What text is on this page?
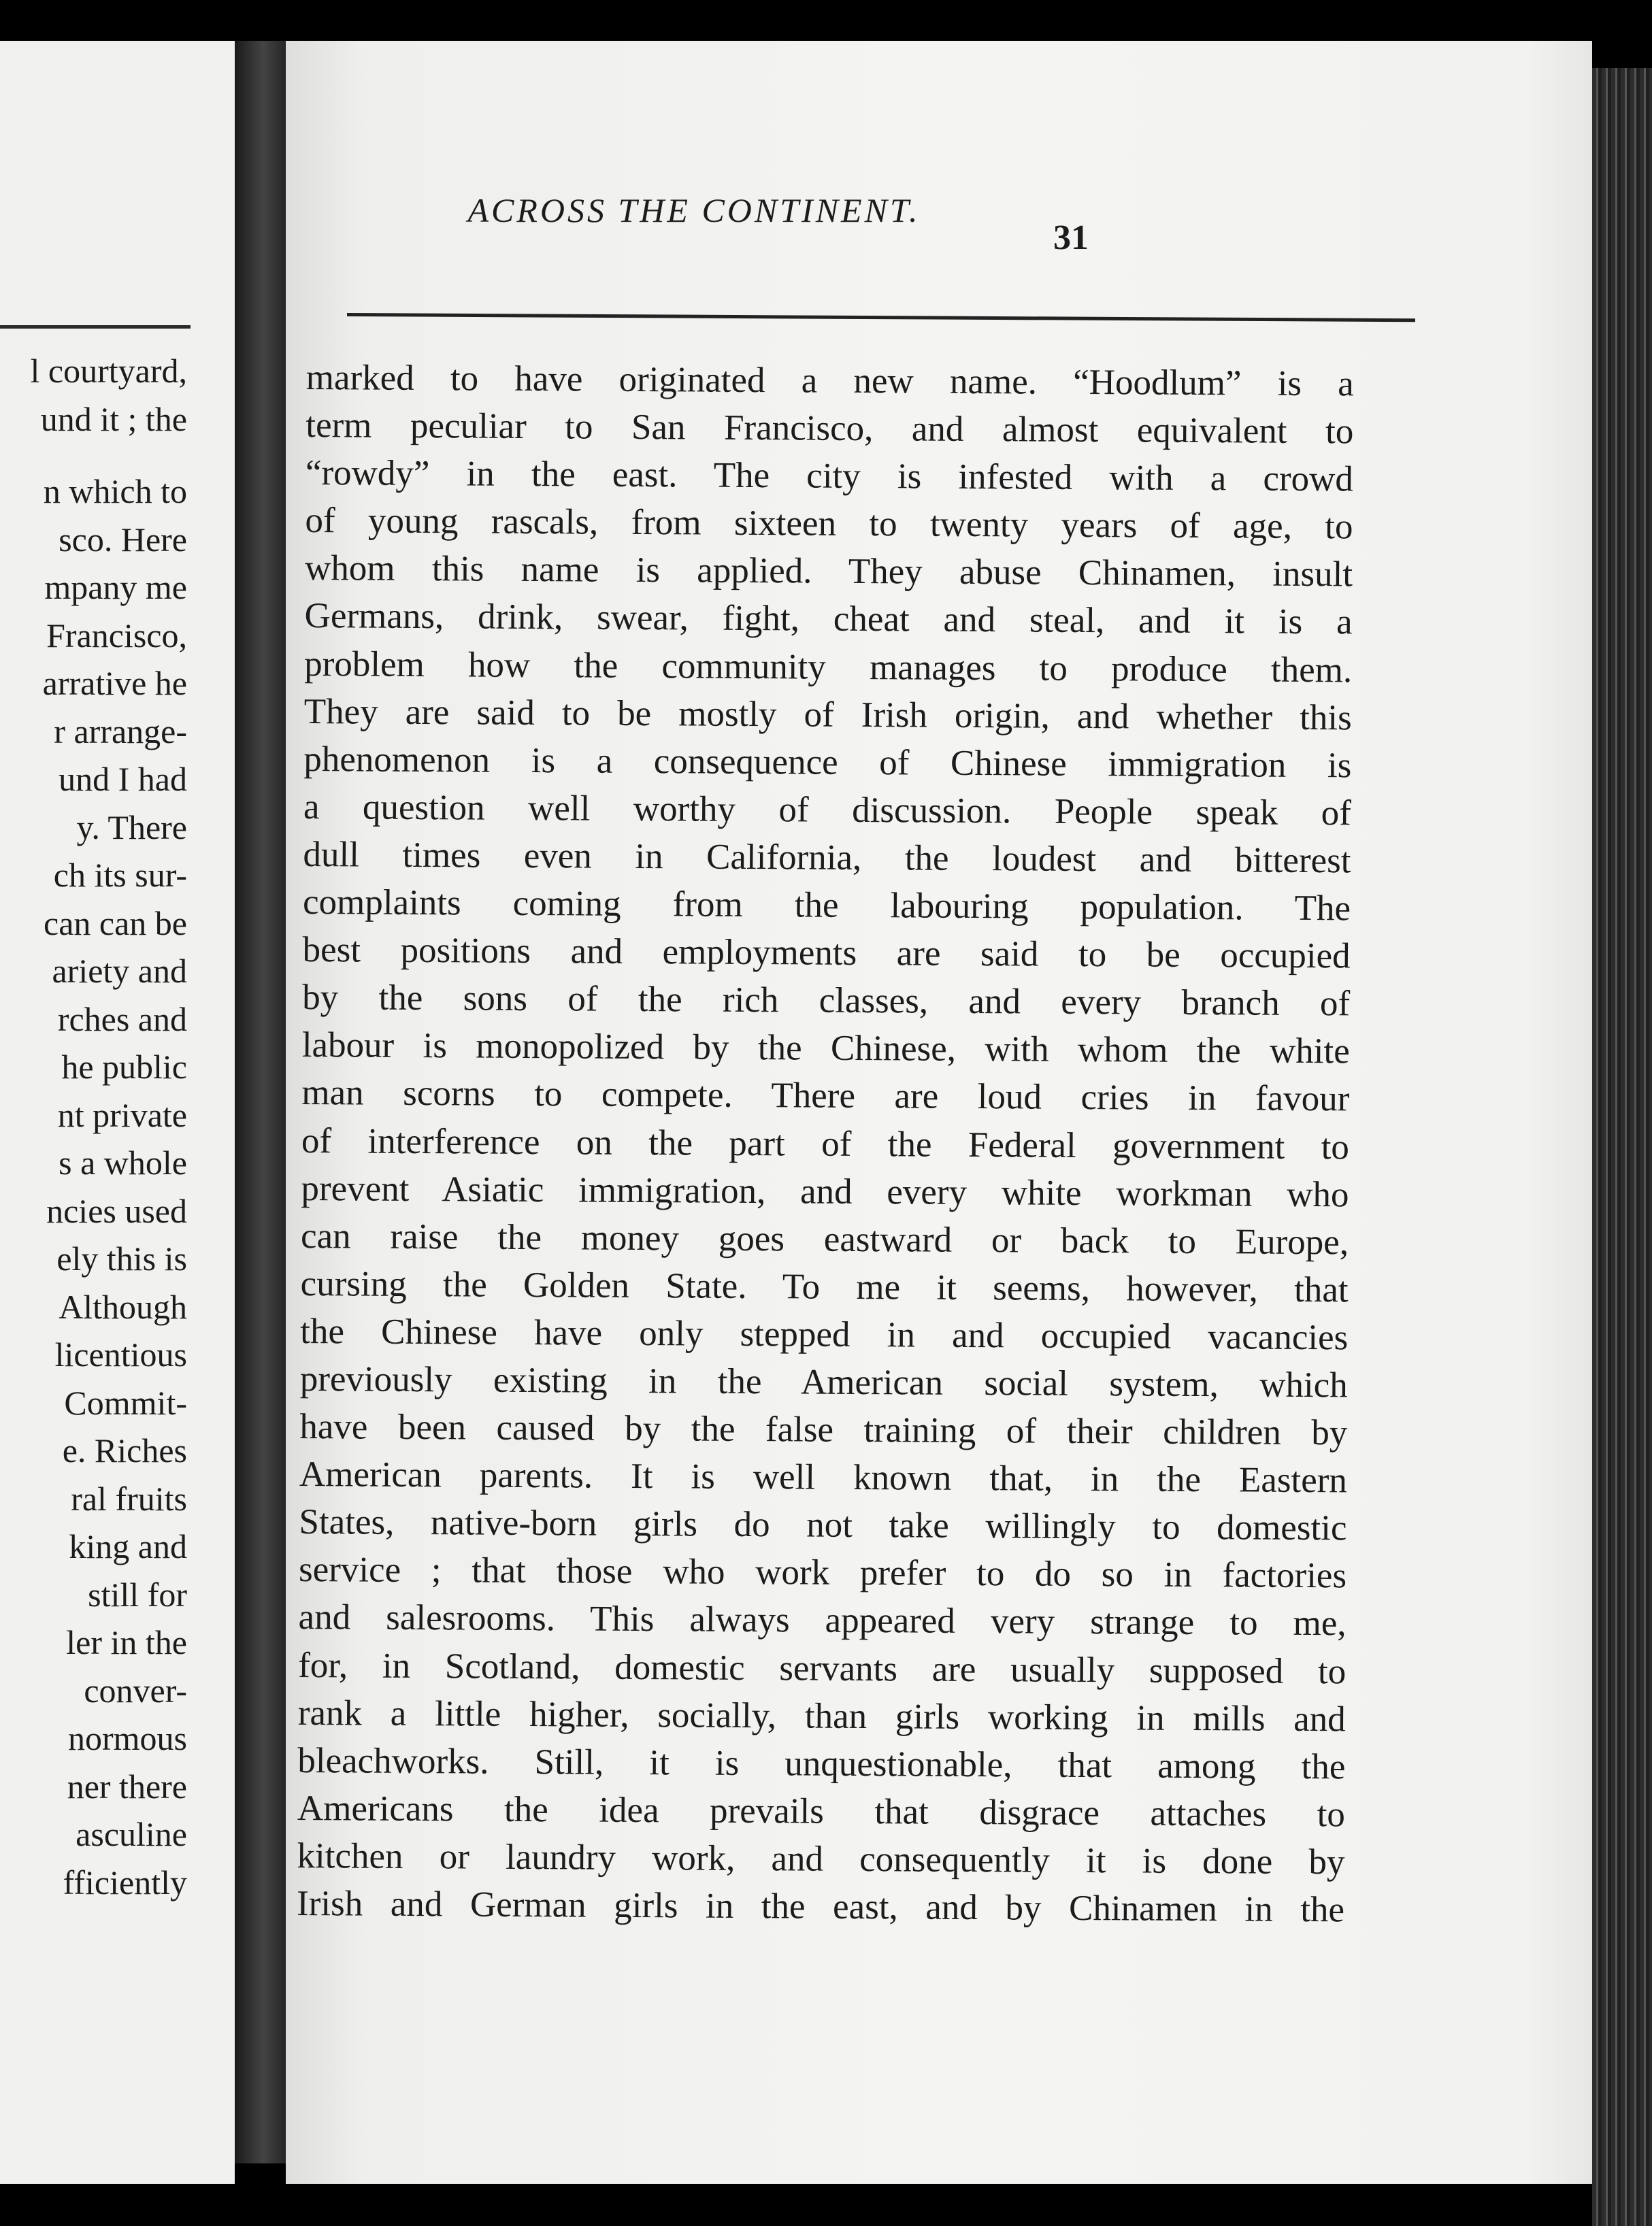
l courtyard,
und it ; the
n which to
sco. Here
mpany me
Francisco,
arrative he
r arrange-
und I had
y. There
ch its sur-
can can be
ariety and
rches and
he public
nt private
s a whole
ncies used
ely this is
Although
licentious
Commit-
e. Riches
ral fruits
king and
still for
ler in the
conver-
normous
ner there
asculine
fficiently
marked to have originated a new name. “Hoodlum” is a
term peculiar to San Francisco, and almost equivalent to
“rowdy” in the east. The city is infested with a crowd
of young rascals, from sixteen to twenty years of age, to
whom this name is applied. They abuse Chinamen, insult
Germans, drink, swear, fight, cheat and steal, and it is a
problem how the community manages to produce them.
They are said to be mostly of Irish origin, and whether this
phenomenon is a consequence of Chinese immigration is
a question well worthy of discussion. People speak of
dull times even in California, the loudest and bitterest
complaints coming from the labouring population. The
best positions and employments are said to be occupied
by the sons of the rich classes, and every branch of
labour is monopolized by the Chinese, with whom the white
man scorns to compete. There are loud cries in favour
of interference on the part of the Federal government to
prevent Asiatic immigration, and every white workman who
can raise the money goes eastward or back to Europe,
cursing the Golden State. To me it seems, however, that
the Chinese have only stepped in and occupied vacancies
previously existing in the American social system, which
have been caused by the false training of their children by
American parents. It is well known that, in the Eastern
States, native-born girls do not take willingly to domestic
service ; that those who work prefer to do so in factories
and salesrooms. This always appeared very strange to me,
for, in Scotland, domestic servants are usually supposed to
rank a little higher, socially, than girls working in mills and
bleachworks. Still, it is unquestionable, that among the
Americans the idea prevails that disgrace attaches to
kitchen or laundry work, and consequently it is done by
Irish and German girls in the east, and by Chinamen in the
ACROSS THE CONTINENT.
31
